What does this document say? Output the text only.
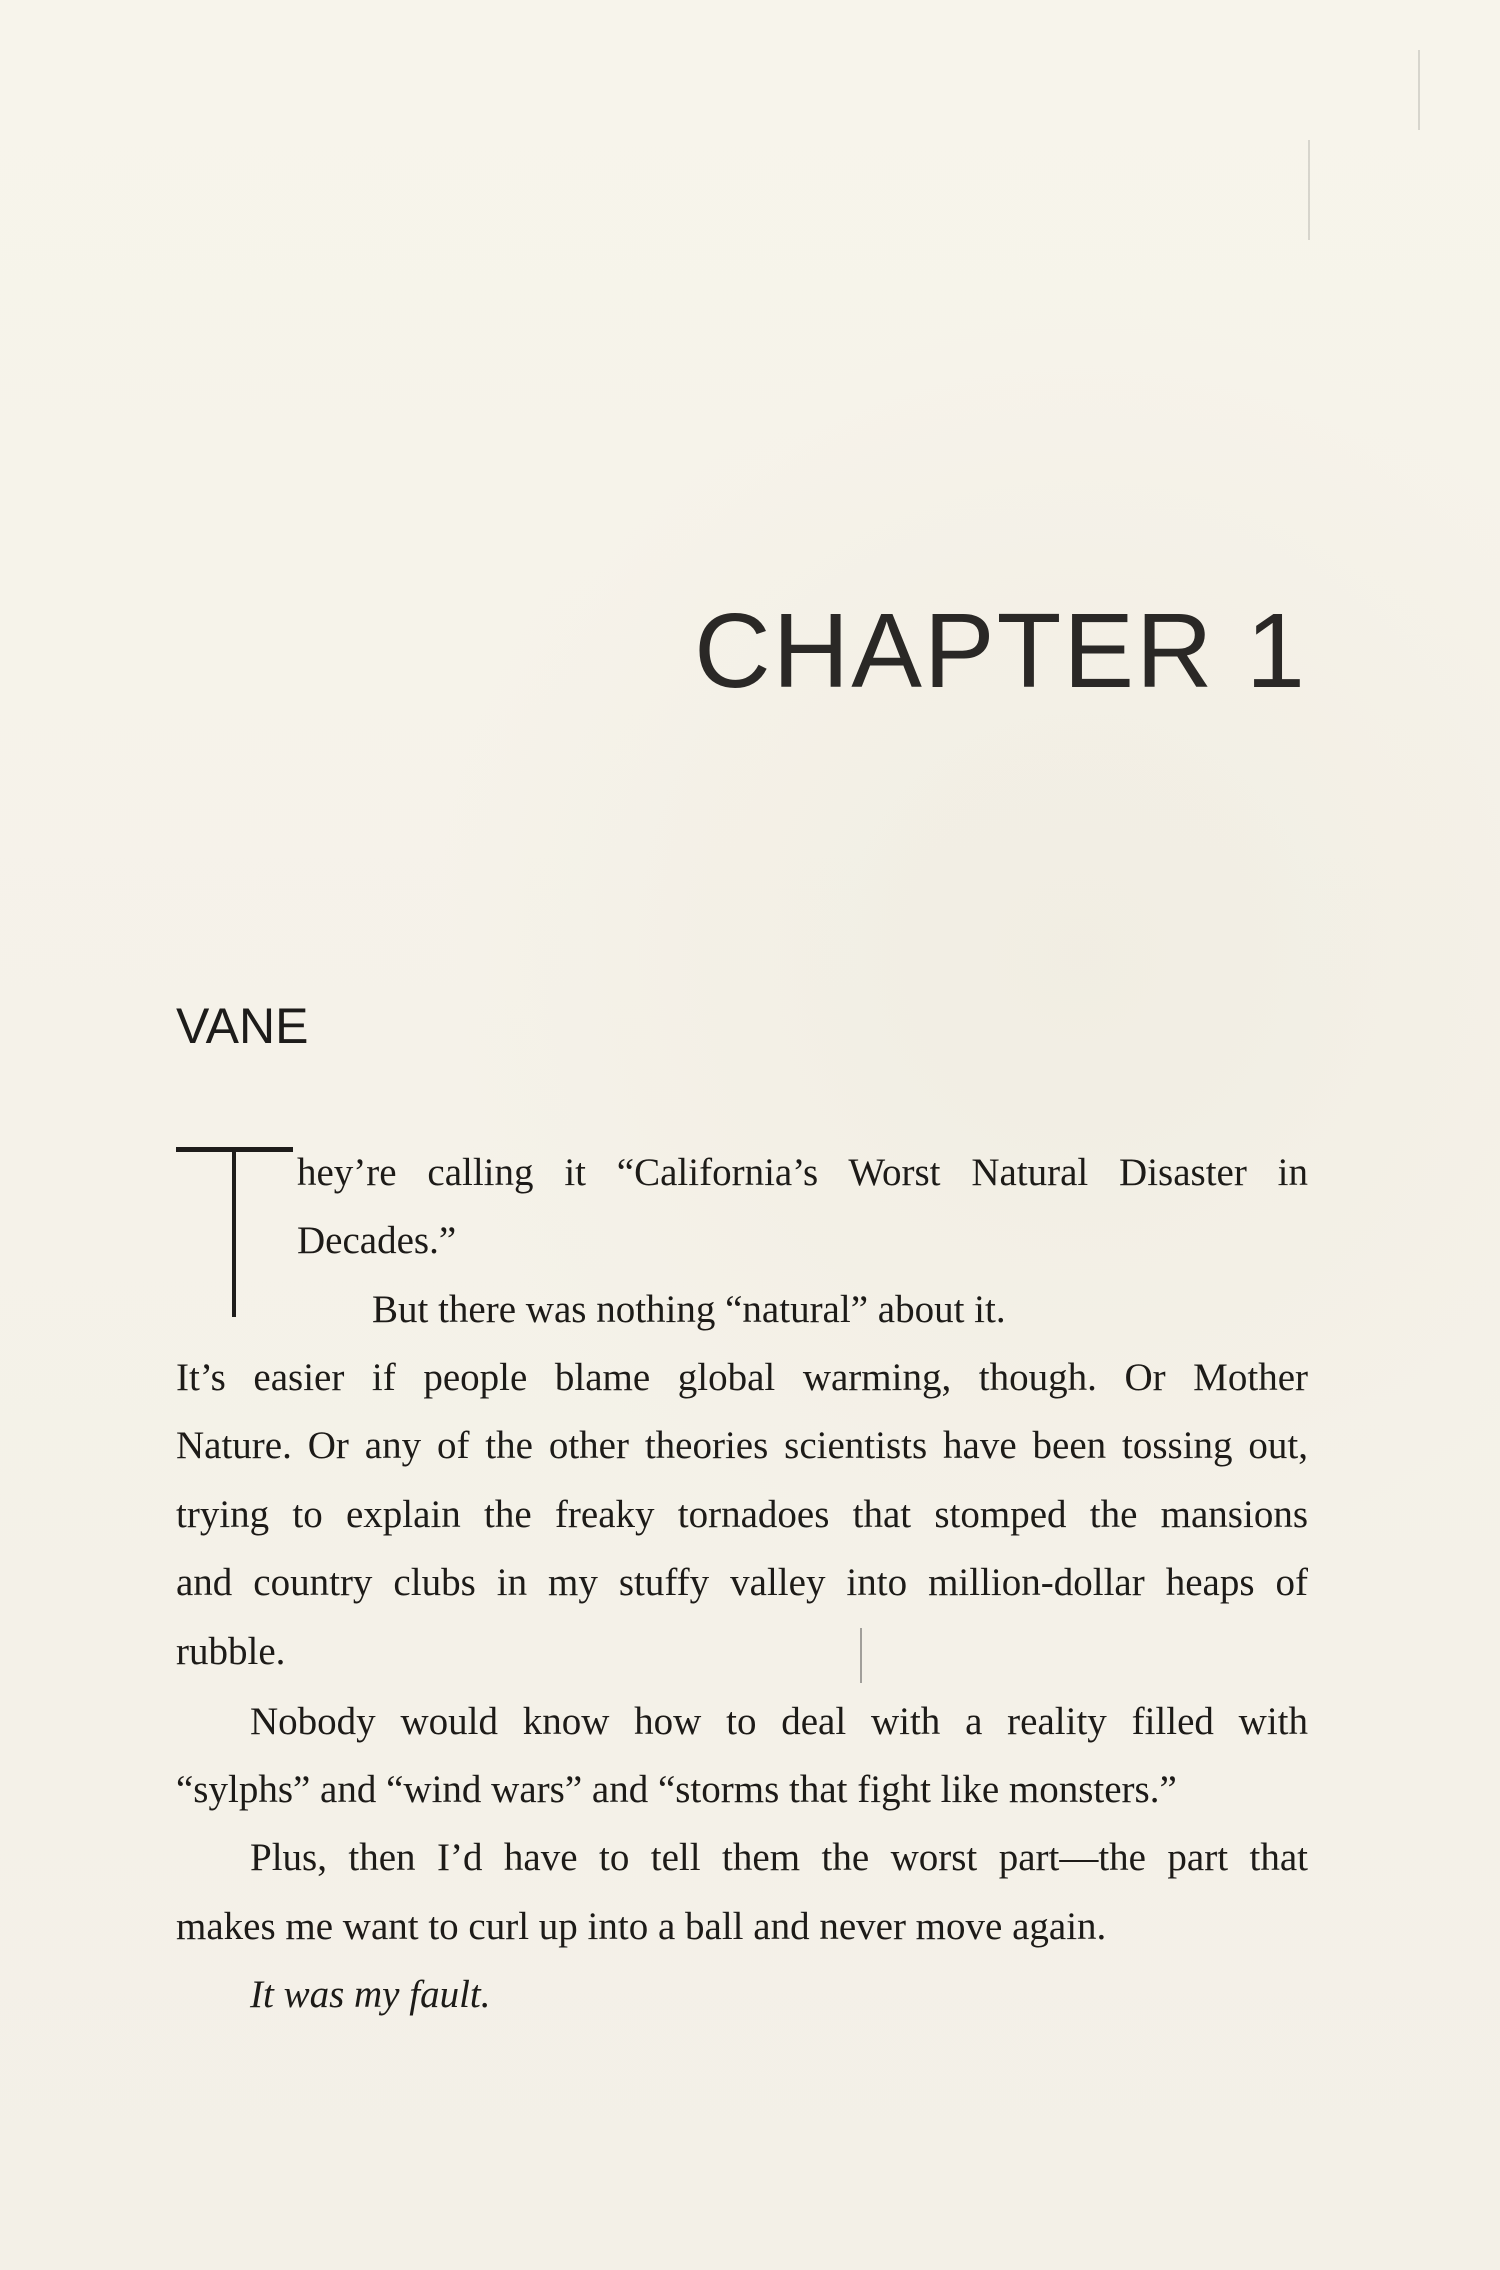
CHAPTER 1
VANE
hey’re calling it “California’s Worst Natural Disaster in
Decades.”
But there was nothing “natural” about it.
It’s easier if people blame global warming, though. Or Mother
Nature. Or any of the other theories scientists have been tossing out,
trying to explain the freaky tornadoes that stomped the mansions
and country clubs in my stuffy valley into million-dollar heaps of
rubble.
Nobody would know how to deal with a reality filled with
“sylphs” and “wind wars” and “storms that fight like monsters.”
Plus, then I’d have to tell them the worst part—the part that
makes me want to curl up into a ball and never move again.
It was my fault.
